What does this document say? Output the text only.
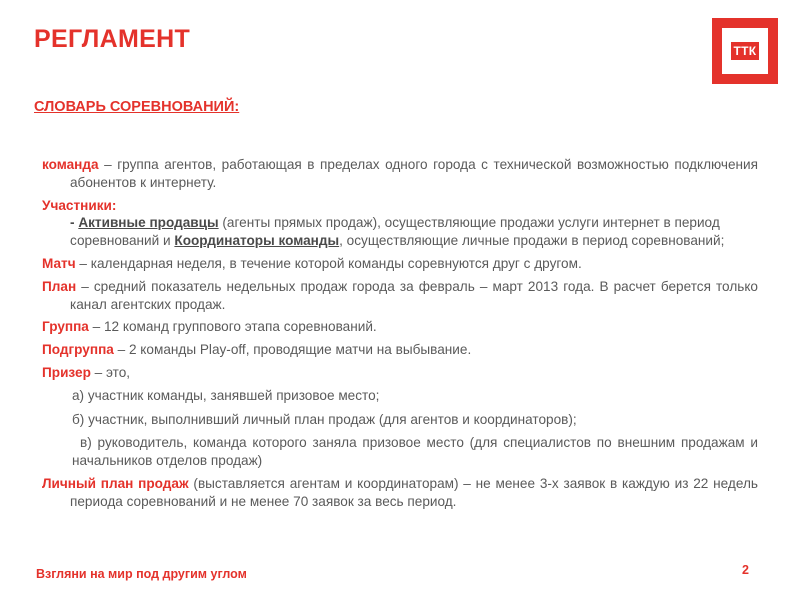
РЕГЛАМЕНТ	ТТК
СЛОВАРЬ СОРЕВНОВАНИЙ:

команда – группа агентов, работающая в пределах одного города с технической возможностью подключения абонентов к интернету.

Участники:

- Активные продавцы (агенты прямых продаж), осуществляющие продажи услуги интернет в период соревнований и Координаторы команды, осуществляющие личные продажи в период соревнований;

Матч – календарная неделя, в течение которой команды соревнуются друг с другом.

План – средний показатель недельных продаж города за февраль – март 2013 года. В расчет берется только канал агентских продаж.

Группа – 12 команд группового этапа соревнований.

Подгруппа – 2 команды Play-off, проводящие матчи на выбывание.

Призер – это,

а) участник команды, занявшей призовое место;

б) участник, выполнивший личный план продаж (для агентов и координаторов);

в) руководитель, команда которого заняла призовое место (для специалистов по внешним продажам и начальников отделов продаж)

Личный план продаж (выставляется агентам и координаторам) – не менее 3-х заявок в каждую из 22 недель периода соревнований и не менее 70 заявок за весь период.

Взгляни на мир под другим углом	2
